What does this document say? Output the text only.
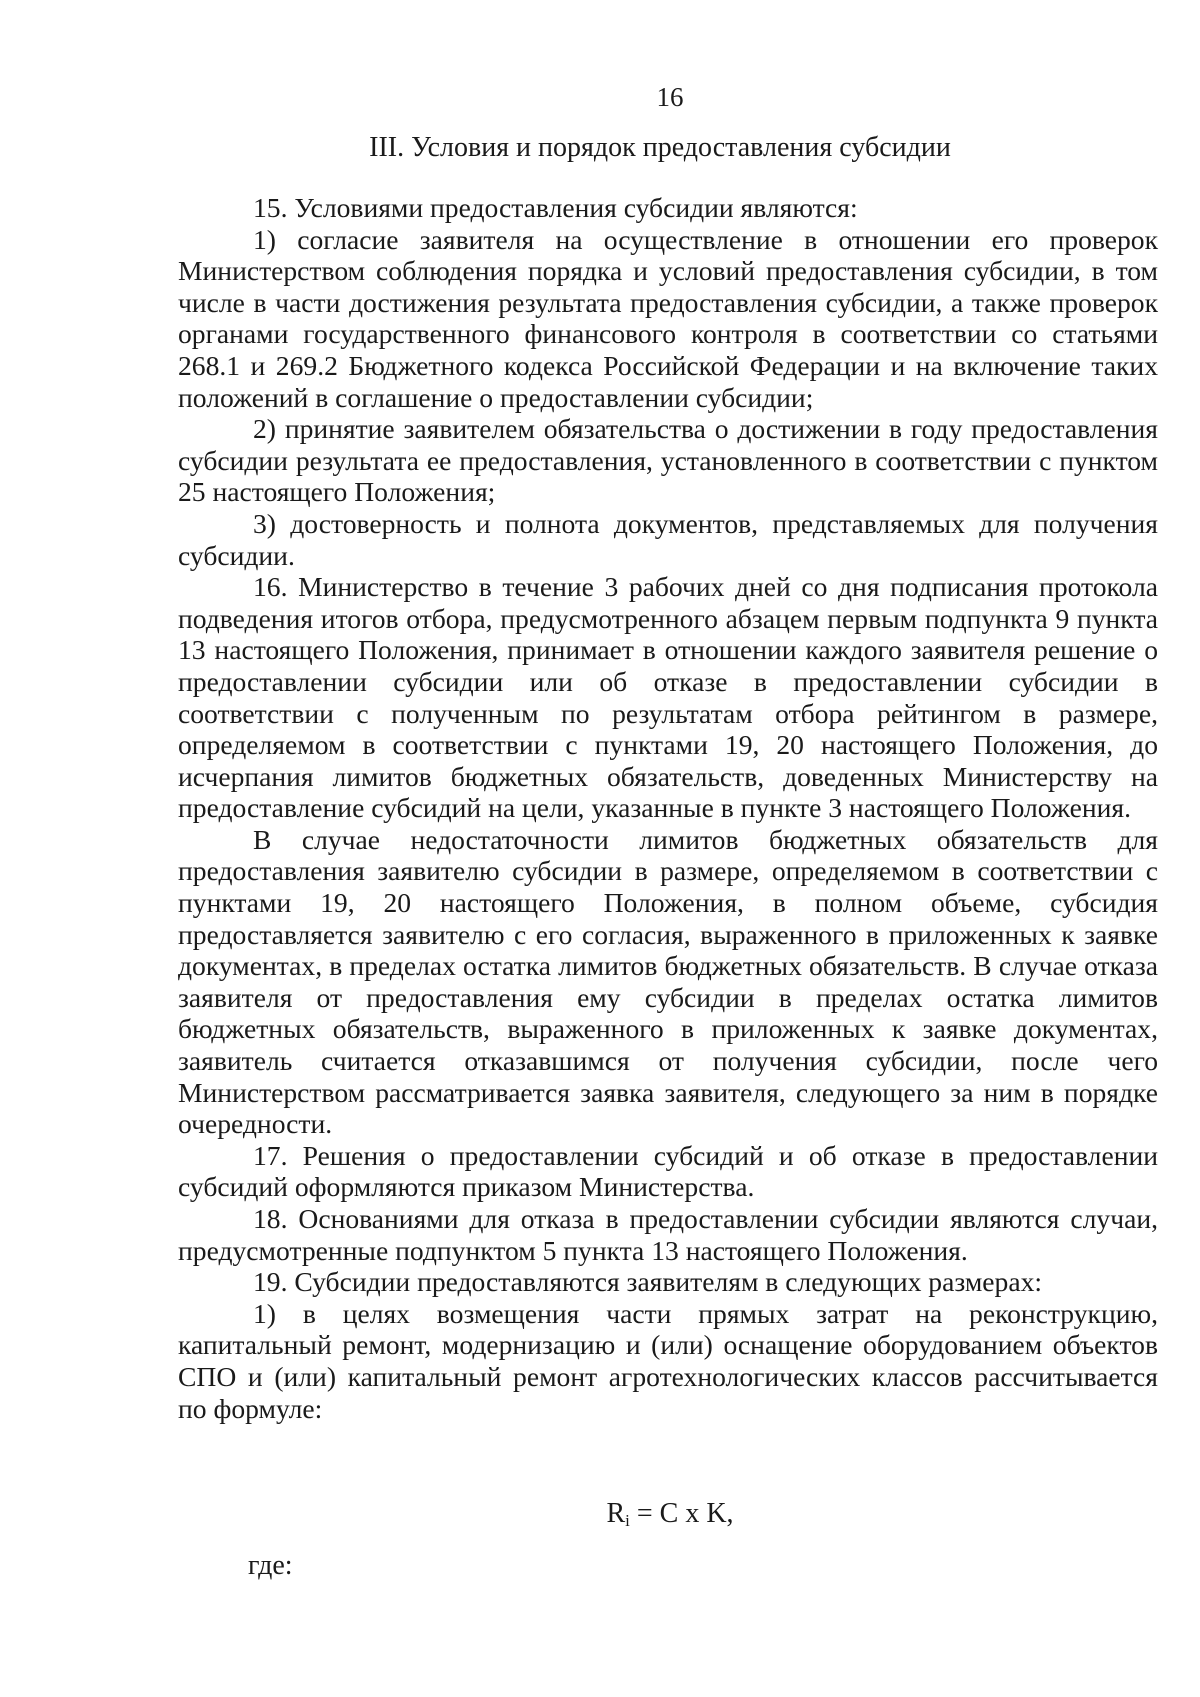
16
III. Условия и порядок предоставления субсидии

15. Условиями предоставления субсидии являются:

1) согласие заявителя на осуществление в отношении его проверок Министерством соблюдения порядка и условий предоставления субсидии, в том числе в части достижения результата предоставления субсидии, а также проверок органами государственного финансового контроля в соответствии со статьями 268.1 и 269.2 Бюджетного кодекса Российской Федерации и на включение таких положений в соглашение о предоставлении субсидии;

2) принятие заявителем обязательства о достижении в году предоставления субсидии результата ее предоставления, установленного в соответствии с пунктом 25 настоящего Положения;

3) достоверность и полнота документов, представляемых для получения субсидии.

16. Министерство в течение 3 рабочих дней со дня подписания протокола подведения итогов отбора, предусмотренного абзацем первым подпункта 9 пункта 13 настоящего Положения, принимает в отношении каждого заявителя решение о предоставлении субсидии или об отказе в предоставлении субсидии в соответствии с полученным по результатам отбора рейтингом в размере, определяемом в соответствии с пунктами 19, 20 настоящего Положения, до исчерпания лимитов бюджетных обязательств, доведенных Министерству на предоставление субсидий на цели, указанные в пункте 3 настоящего Положения.

В случае недостаточности лимитов бюджетных обязательств для предоставления заявителю субсидии в размере, определяемом в соответствии с пунктами 19, 20 настоящего Положения, в полном объеме, субсидия предоставляется заявителю с его согласия, выраженного в приложенных к заявке документах, в пределах остатка лимитов бюджетных обязательств. В случае отказа заявителя от предоставления ему субсидии в пределах остатка лимитов бюджетных обязательств, выраженного в приложенных к заявке документах, заявитель считается отказавшимся от получения субсидии, после чего Министерством рассматривается заявка заявителя, следующего за ним в порядке очередности.

17. Решения о предоставлении субсидий и об отказе в предоставлении субсидий оформляются приказом Министерства.

18. Основаниями для отказа в предоставлении субсидии являются случаи, предусмотренные подпунктом 5 пункта 13 настоящего Положения.

19. Субсидии предоставляются заявителям в следующих размерах:

1) в целях возмещения части прямых затрат на реконструкцию, капитальный ремонт, модернизацию и (или) оснащение оборудованием объектов СПО и (или) капитальный ремонт агротехнологических классов рассчитывается по формуле:

$R_i = C$ x K,
где:
